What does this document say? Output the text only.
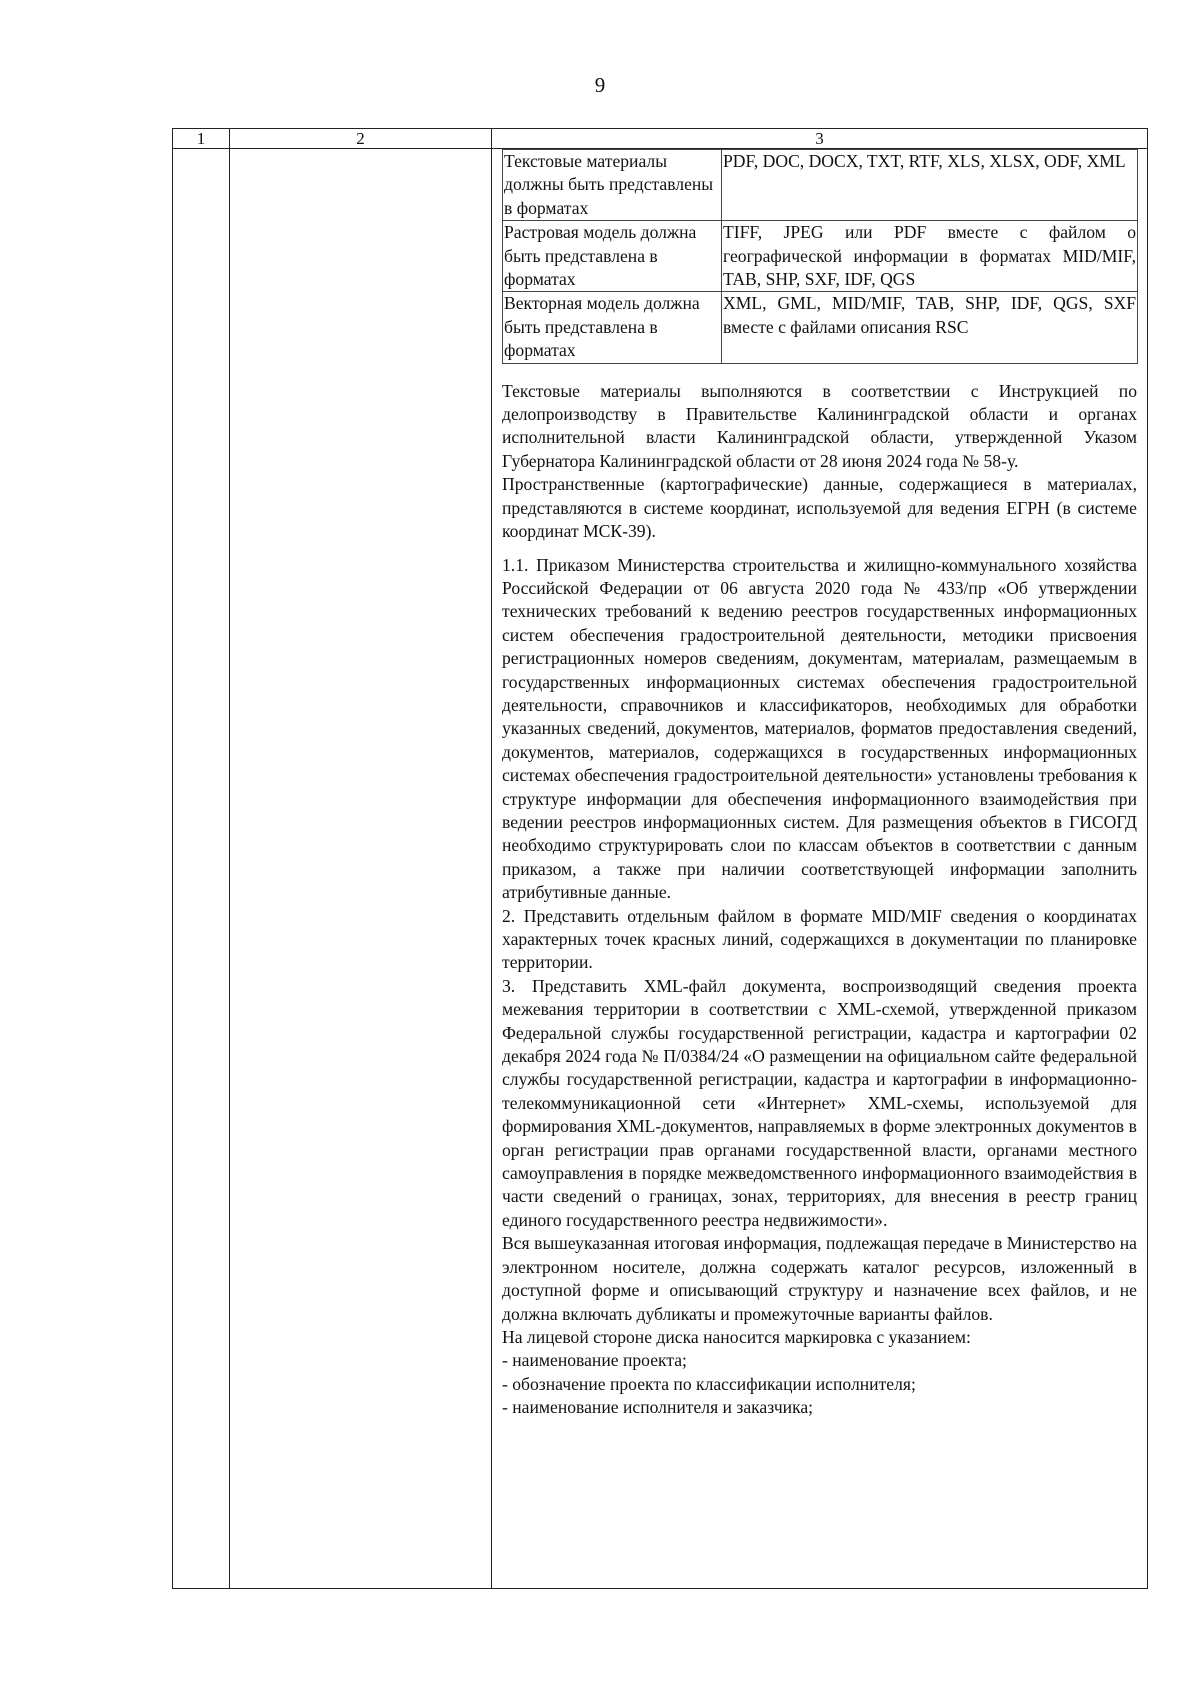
9
1	2	3

Текстовые материалы должны быть представлены в форматах	PDF, DOC, DOCX, TXT, RTF, XLS, XLSX, ODF, XML
Растровая модель должна быть представлена в форматах	TIFF, JPEG или PDF вместе с файлом о географической информации в форматах MID/MIF, TAB, SHP, SXF, IDF, QGS
Векторная модель должна быть представлена в форматах	XML, GML, MID/MIF, TAB, SHP, IDF, QGS, SXF вместе с файлами описания RSC

Текстовые материалы выполняются в соответствии с Инструкцией по делопроизводству в Правительстве Калининградской области и органах исполнительной власти Калининградской области, утвержденной Указом Губернатора Калининградской области от 28 июня 2024 года № 58-у.

Пространственные (картографические) данные, содержащиеся в материалах, представляются в системе координат, используемой для ведения ЕГРН (в системе координат МСК-39).

1.1. Приказом Министерства строительства и жилищно-коммунального хозяйства Российской Федерации от 06 августа 2020 года № 433/пр «Об утверждении технических требований к ведению реестров государственных информационных систем обеспечения градостроительной деятельности, методики присвоения регистрационных номеров сведениям, документам, материалам, размещаемым в государственных информационных системах обеспечения градостроительной деятельности, справочников и классификаторов, необходимых для обработки указанных сведений, документов, материалов, форматов предоставления сведений, документов, материалов, содержащихся в государственных информационных системах обеспечения градостроительной деятельности» установлены требования к структуре информации для обеспечения информационного взаимодействия при ведении реестров информационных систем. Для размещения объектов в ГИСОГД необходимо структурировать слои по классам объектов в соответствии с данным приказом, а также при наличии соответствующей информации заполнить атрибутивные данные.

2. Представить отдельным файлом в формате MID/MIF сведения о координатах характерных точек красных линий, содержащихся в документации по планировке территории.

3. Представить XML-файл документа, воспроизводящий сведения проекта межевания территории в соответствии с XML-схемой, утвержденной приказом Федеральной службы государственной регистрации, кадастра и картографии 02 декабря 2024 года № П/0384/24 «О размещении на официальном сайте федеральной службы государственной регистрации, кадастра и картографии в информационно-телекоммуникационной сети «Интернет» XML-схемы, используемой для формирования XML-документов, направляемых в форме электронных документов в орган регистрации прав органами государственной власти, органами местного самоуправления в порядке межведомственного информационного взаимодействия в части сведений о границах, зонах, территориях, для внесения в реестр границ единого государственного реестра недвижимости».

Вся вышеуказанная итоговая информация, подлежащая передаче в Министерство на электронном носителе, должна содержать каталог ресурсов, изложенный в доступной форме и описывающий структуру и назначение всех файлов, и не должна включать дубликаты и промежуточные варианты файлов.

На лицевой стороне диска наносится маркировка с указанием:

- наименование проекта;

- обозначение проекта по классификации исполнителя;

- наименование исполнителя и заказчика;
